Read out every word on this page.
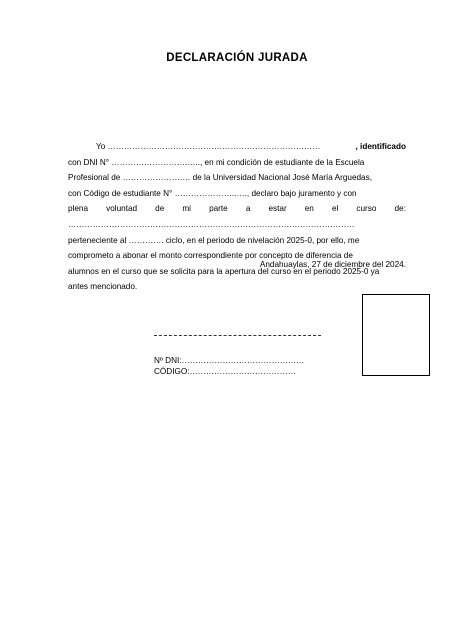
DECLARACIÓN JURADA
Yo ……………………………………………………………………	, identificado
con DNI N° ……………………….….., en mi condición de estudiante de la Escuela
Profesional de ………………….… de la Universidad Nacional José María Arguedas,
con Código de estudiante N° …………………..…., declaro bajo juramento y con
plena voluntad de mi parte a estar en el curso de:
……………………………………………………………………………………………
perteneciente al …………. ciclo, en el periodo de nivelación 2025-0, por ello, me
comprometo a abonar el monto correspondiente por concepto de diferencia de
alumnos en el curso que se solicita para la apertura del curso en el periodo 2025-0 ya
antes mencionado.
Andahuaylas, 27 de diciembre del 2024.
Nº DNI:………………………………………
CÓDIGO:…………………………………
